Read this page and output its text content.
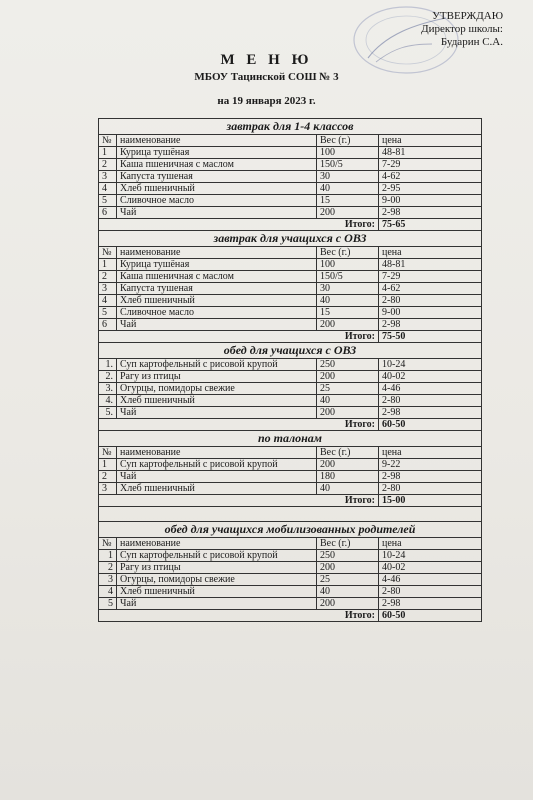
УТВЕРЖДАЮ
Директор школы:
Бударин С.А.
М Е Н Ю
МБОУ Тацинской СОШ № 3
на 19 января 2023 г.
завтрак для 1-4 классов			
№	наименование	Вес (г.)	цена
1	Курица тушёная	100	48-81
2	Каша пшеничная с маслом	150/5	7-29
3	Капуста тушеная	30	4-62
4	Хлеб пшеничный	40	2-95
5	Сливочное масло	15	9-00
6	Чай	200	2-98
Итого:			75-65
завтрак для учащихся с ОВЗ			
№	наименование	Вес (г.)	цена
1	Курица тушёная	100	48-81
2	Каша пшеничная с маслом	150/5	7-29
3	Капуста тушеная	30	4-62
4	Хлеб пшеничный	40	2-80
5	Сливочное масло	15	9-00
6	Чай	200	2-98
Итого:			75-50
обед для учащихся с ОВЗ			
1.	Суп картофельный с рисовой крупой	250	10-24
2.	Рагу из птицы	200	40-02
3.	Огурцы, помидоры свежие	25	4-46
4.	Хлеб пшеничный	40	2-80
5.	Чай	200	2-98
Итого:			60-50
по талонам			
№	наименование	Вес (г.)	цена
1	Суп картофельный с рисовой крупой	200	9-22
2	Чай	180	2-98
3	Хлеб пшеничный	40	2-80
Итого:			15-00

обед для учащихся мобилизованных родителей			
№	наименование	Вес (г.)	цена
1	Суп картофельный с рисовой крупой	250	10-24
2	Рагу из птицы	200	40-02
3	Огурцы, помидоры свежие	25	4-46
4	Хлеб пшеничный	40	2-80
5	Чай	200	2-98
Итого:			60-50
